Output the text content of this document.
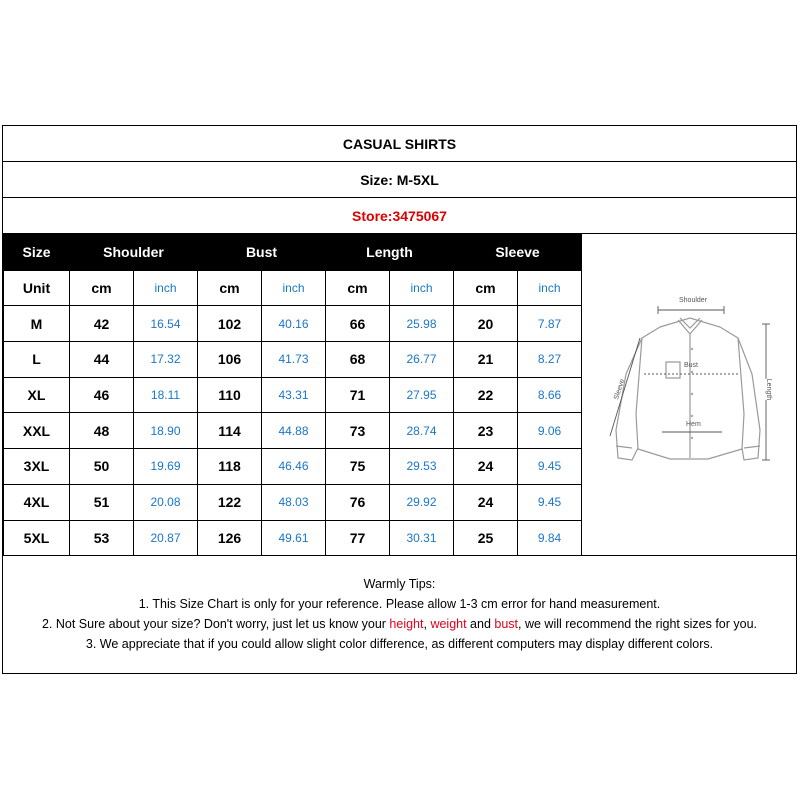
CASUAL SHIRTS
Size: M-5XL
Store:3475067
Size	Shoulder		Bust		Length		Sleeve	
Unit	cm	inch	cm	inch	cm	inch	cm	inch
M	42	16.54	102	40.16	66	25.98	20	7.87
L	44	17.32	106	41.73	68	26.77	21	8.27
XL	46	18.11	110	43.31	71	27.95	22	8.66
XXL	48	18.90	114	44.88	73	28.74	23	9.06
3XL	50	19.69	118	46.46	75	29.53	24	9.45
4XL	51	20.08	122	48.03	76	29.92	24	9.45
5XL	53	20.87	126	49.61	77	30.31	25	9.84
Shoulder
Bust
Hem
Sleeve	Length
Warmly Tips:
1. This Size Chart is only for your reference. Please allow 1-3 cm error for hand measurement.
2. Not Sure about your size? Don't worry, just let us know your height, weight and bust, we will recommend the right sizes for you.
3. We appreciate that if you could allow slight color difference, as different computers may display different colors.
